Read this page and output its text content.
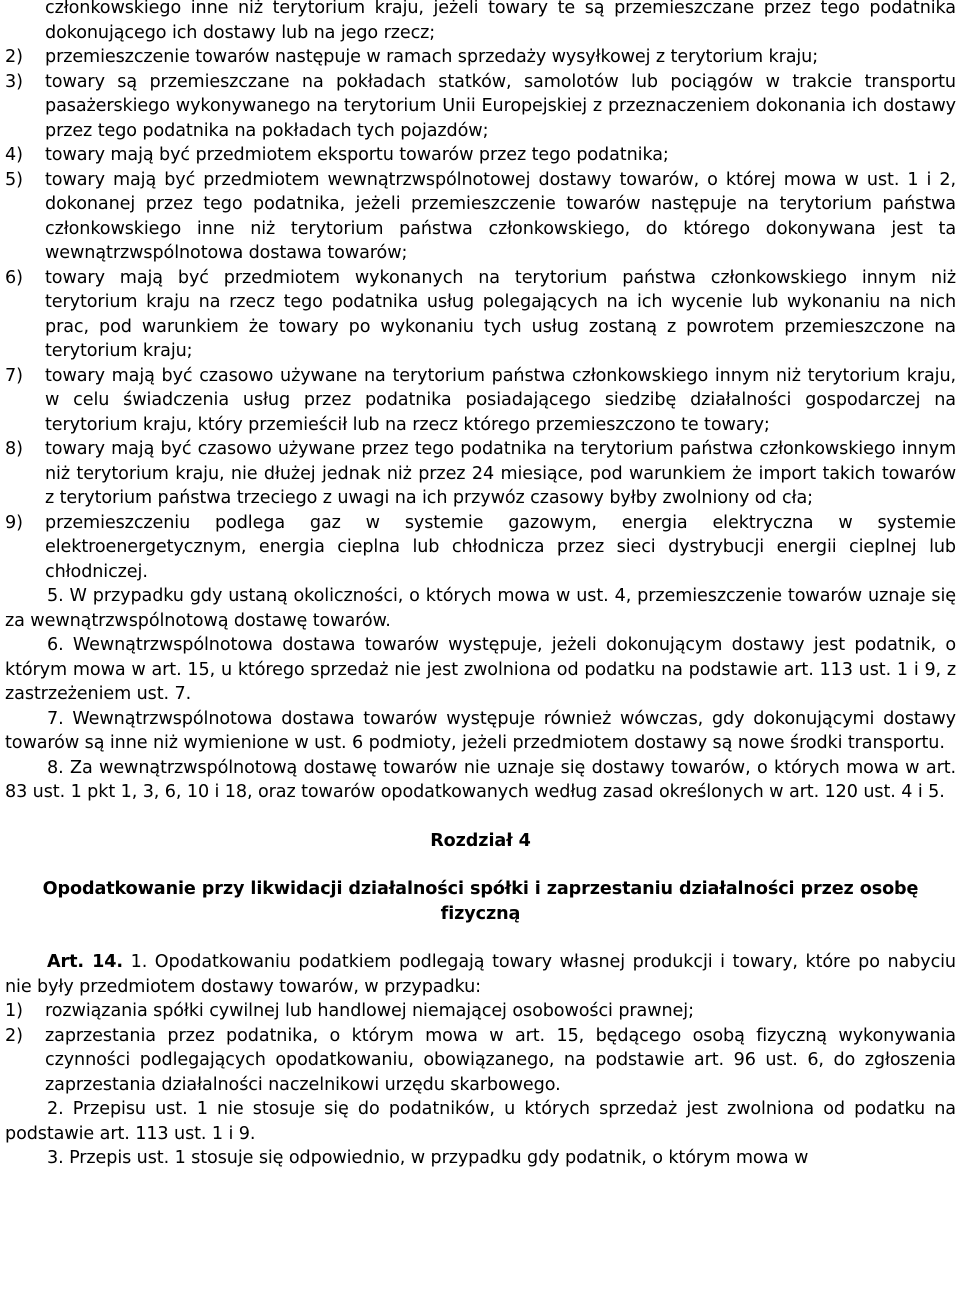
członkowskiego inne niż terytorium kraju, jeżeli towary te są przemieszczane przez tego podatnika dokonującego ich dostawy lub na jego rzecz;
2)	przemieszczenie towarów następuje w ramach sprzedaży wysyłkowej z terytorium kraju;
3)	towary są przemieszczane na pokładach statków, samolotów lub pociągów w trakcie transportu pasażerskiego wykonywanego na terytorium Unii Europejskiej z przeznaczeniem dokonania ich dostawy przez tego podatnika na pokładach tych pojazdów;
4)	towary mają być przedmiotem eksportu towarów przez tego podatnika;
5)	towary mają być przedmiotem wewnątrzwspólnotowej dostawy towarów, o której mowa w ust. 1 i 2, dokonanej przez tego podatnika, jeżeli przemieszczenie towarów następuje na terytorium państwa członkowskiego inne niż terytorium państwa członkowskiego, do którego dokonywana jest ta wewnątrzwspólnotowa dostawa towarów;
6)	towary mają być przedmiotem wykonanych na terytorium państwa członkowskiego innym niż terytorium kraju na rzecz tego podatnika usług polegających na ich wycenie lub wykonaniu na nich prac, pod warunkiem że towary po wykonaniu tych usług zostaną z powrotem przemieszczone na terytorium kraju;
7)	towary mają być czasowo używane na terytorium państwa członkowskiego innym niż terytorium kraju, w celu świadczenia usług przez podatnika posiadającego siedzibę działalności gospodarczej na terytorium kraju, który przemieścił lub na rzecz którego przemieszczono te towary;
8)	towary mają być czasowo używane przez tego podatnika na terytorium państwa członkowskiego innym niż terytorium kraju, nie dłużej jednak niż przez 24 miesiące, pod warunkiem że import takich towarów z terytorium państwa trzeciego z uwagi na ich przywóz czasowy byłby zwolniony od cła;
9)	przemieszczeniu podlega gaz w systemie gazowym, energia elektryczna w systemie elektroenergetycznym, energia cieplna lub chłodnicza przez sieci dystrybucji energii cieplnej lub chłodniczej.
5. W przypadku gdy ustaną okoliczności, o których mowa w ust. 4, przemieszczenie towarów uznaje się za wewnątrzwspólnotową dostawę towarów.
6. Wewnątrzwspólnotowa dostawa towarów występuje, jeżeli dokonującym dostawy jest podatnik, o którym mowa w art. 15, u którego sprzedaż nie jest zwolniona od podatku na podstawie art. 113 ust. 1 i 9, z zastrzeżeniem ust. 7.
7. Wewnątrzwspólnotowa dostawa towarów występuje również wówczas, gdy dokonującymi dostawy towarów są inne niż wymienione w ust. 6 podmioty, jeżeli przedmiotem dostawy są nowe środki transportu.
8. Za wewnątrzwspólnotową dostawę towarów nie uznaje się dostawy towarów, o których mowa w art. 83 ust. 1 pkt 1, 3, 6, 10 i 18, oraz towarów opodatkowanych według zasad określonych w art. 120 ust. 4 i 5.
Rozdział 4
Opodatkowanie przy likwidacji działalności spółki i zaprzestaniu działalności przez osobę fizyczną
Art. 14. 1. Opodatkowaniu podatkiem podlegają towary własnej produkcji i towary, które po nabyciu nie były przedmiotem dostawy towarów, w przypadku:
1)	rozwiązania spółki cywilnej lub handlowej niemającej osobowości prawnej;
2)	zaprzestania przez podatnika, o którym mowa w art. 15, będącego osobą fizyczną wykonywania czynności podlegających opodatkowaniu, obowiązanego, na podstawie art. 96 ust. 6, do zgłoszenia zaprzestania działalności naczelnikowi urzędu skarbowego.
2. Przepisu ust. 1 nie stosuje się do podatników, u których sprzedaż jest zwolniona od podatku na podstawie art. 113 ust. 1 i 9.
3. Przepis ust. 1 stosuje się odpowiednio, w przypadku gdy podatnik, o którym mowa w
